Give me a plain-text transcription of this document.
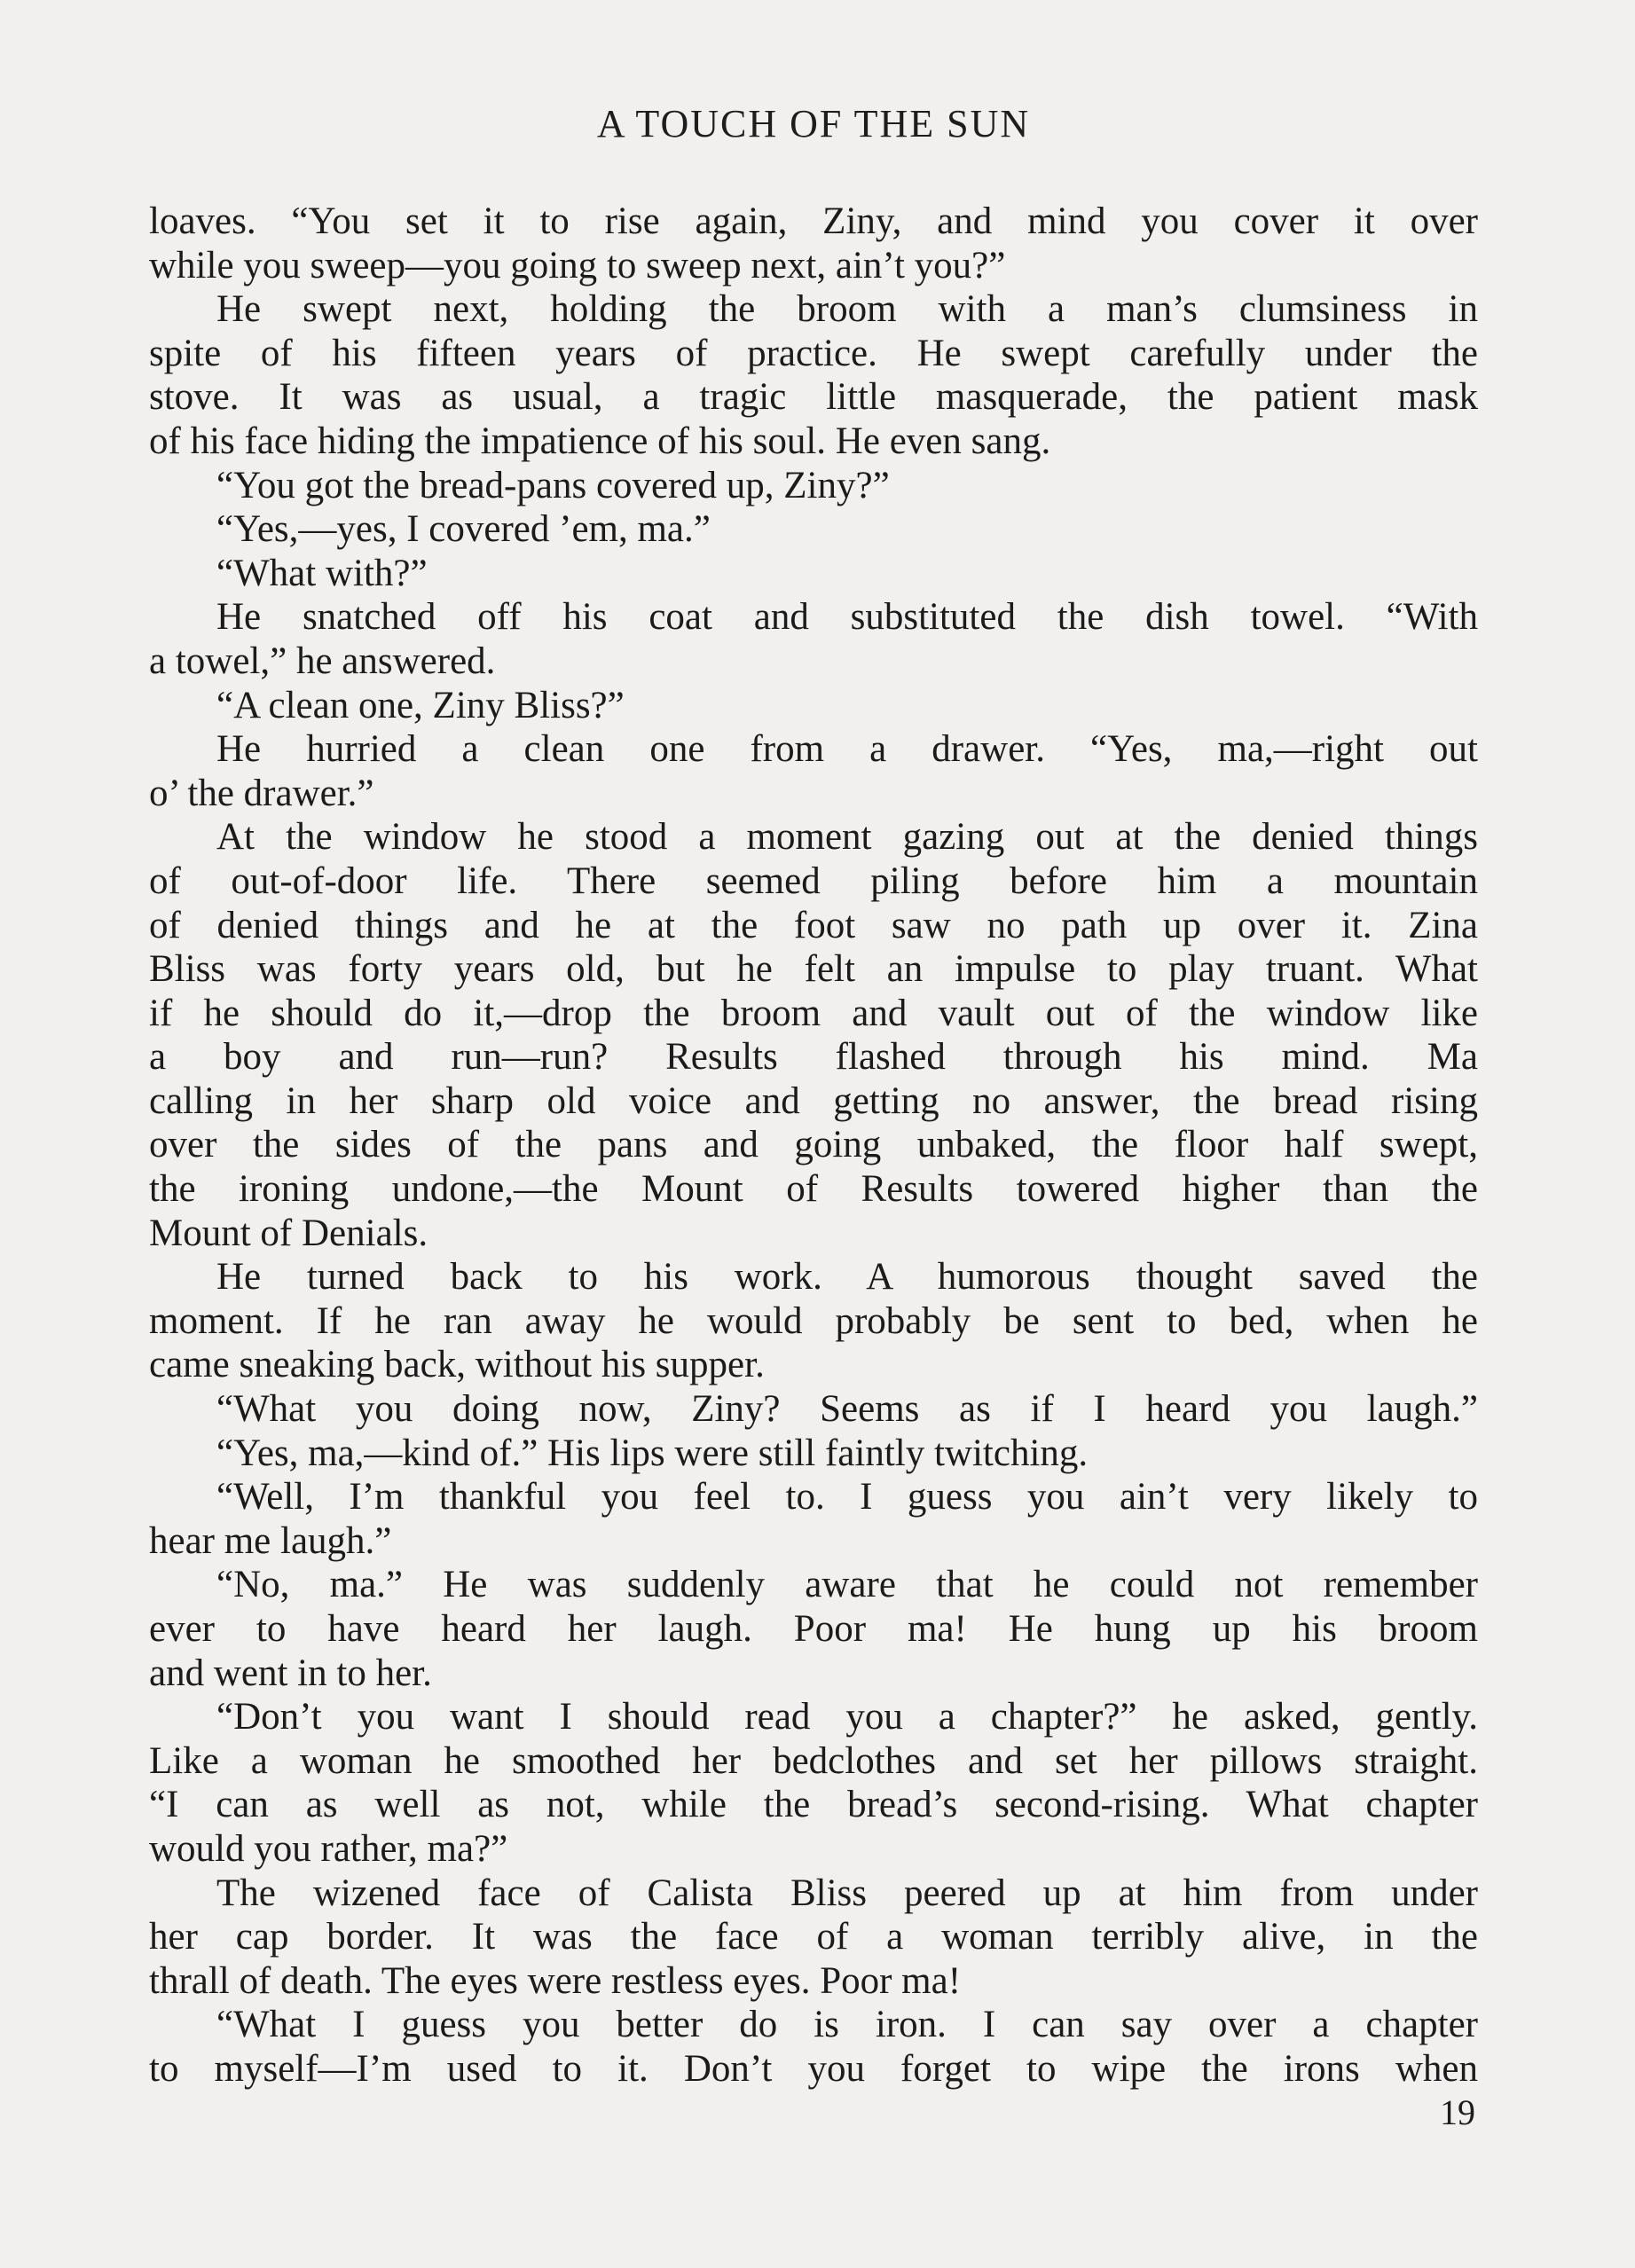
A TOUCH OF THE SUN
loaves. “You set it to rise again, Ziny, and mind you cover it over
while you sweep—you going to sweep next, ain’t you?”
He swept next, holding the broom with a man’s clumsiness in
spite of his fifteen years of practice. He swept carefully under the
stove. It was as usual, a tragic little masquerade, the patient mask
of his face hiding the impatience of his soul. He even sang.
“You got the bread-pans covered up, Ziny?”
“Yes,—yes, I covered ’em, ma.”
“What with?”
He snatched off his coat and substituted the dish towel. “With
a towel,” he answered.
“A clean one, Ziny Bliss?”
He hurried a clean one from a drawer. “Yes, ma,—right out
o’ the drawer.”
At the window he stood a moment gazing out at the denied things
of out-of-door life. There seemed piling before him a mountain
of denied things and he at the foot saw no path up over it. Zina
Bliss was forty years old, but he felt an impulse to play truant. What
if he should do it,—drop the broom and vault out of the window like
a boy and run—run? Results flashed through his mind. Ma
calling in her sharp old voice and getting no answer, the bread rising
over the sides of the pans and going unbaked, the floor half swept,
the ironing undone,—the Mount of Results towered higher than the
Mount of Denials.
He turned back to his work. A humorous thought saved the
moment. If he ran away he would probably be sent to bed, when he
came sneaking back, without his supper.
“What you doing now, Ziny? Seems as if I heard you laugh.”
“Yes, ma,—kind of.” His lips were still faintly twitching.
“Well, I’m thankful you feel to. I guess you ain’t very likely to
hear me laugh.”
“No, ma.” He was suddenly aware that he could not remember
ever to have heard her laugh. Poor ma! He hung up his broom
and went in to her.
“Don’t you want I should read you a chapter?” he asked, gently.
Like a woman he smoothed her bedclothes and set her pillows straight.
“I can as well as not, while the bread’s second-rising. What chapter
would you rather, ma?”
The wizened face of Calista Bliss peered up at him from under
her cap border. It was the face of a woman terribly alive, in the
thrall of death. The eyes were restless eyes. Poor ma!
“What I guess you better do is iron. I can say over a chapter
to myself—I’m used to it. Don’t you forget to wipe the irons when
19
